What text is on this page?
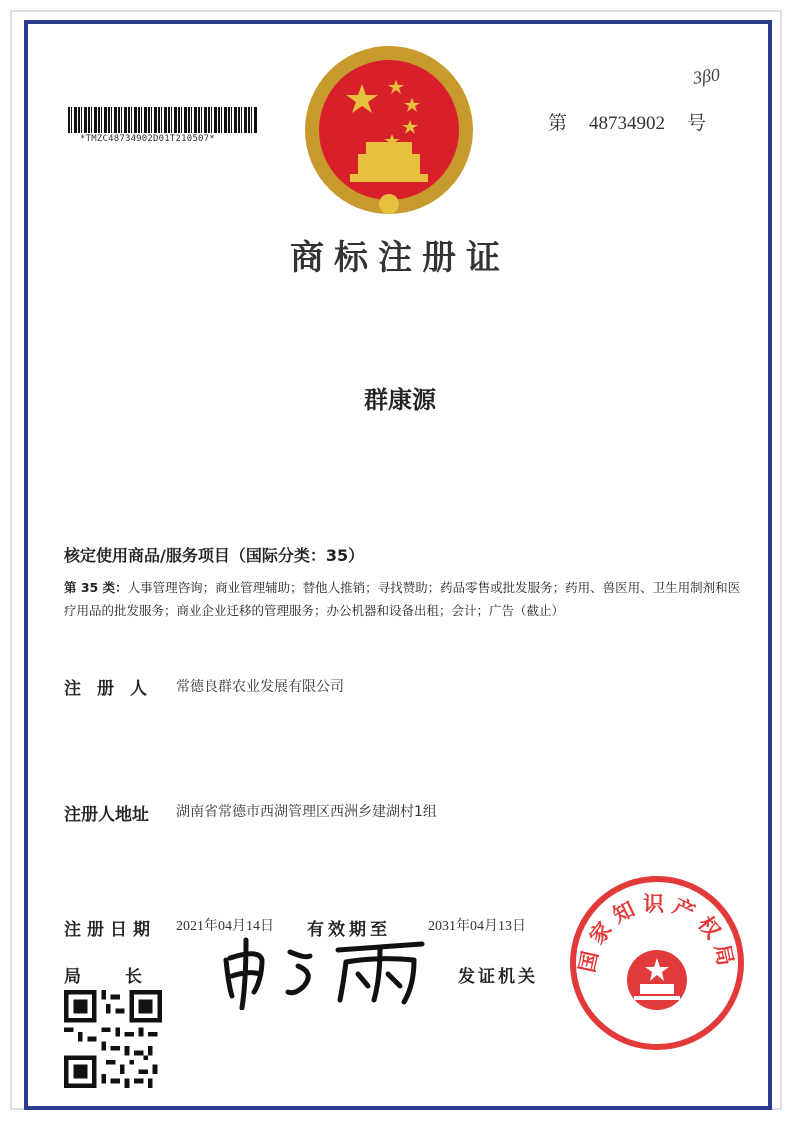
*TMZC48734902D01T210507*
3β0
第 48734902 号
商标注册证
群康源
核定使用商品/服务项目（国际分类：35）
第 35 类：人事管理咨询；商业管理辅助；替他人推销；寻找赞助；药品零售或批发服务；药用、兽医用、卫生用制剂和医疗用品的批发服务；商业企业迁移的管理服务；办公机器和设备出租；会计；广告（截止）
注册人 常德良群农业发展有限公司
注册人地址 湖南省常德市西湖管理区西洲乡建湖村1组
注册日期 2021年04月14日 有效期至	2031年04月13日
局长	发证机关
国家知识产权局
